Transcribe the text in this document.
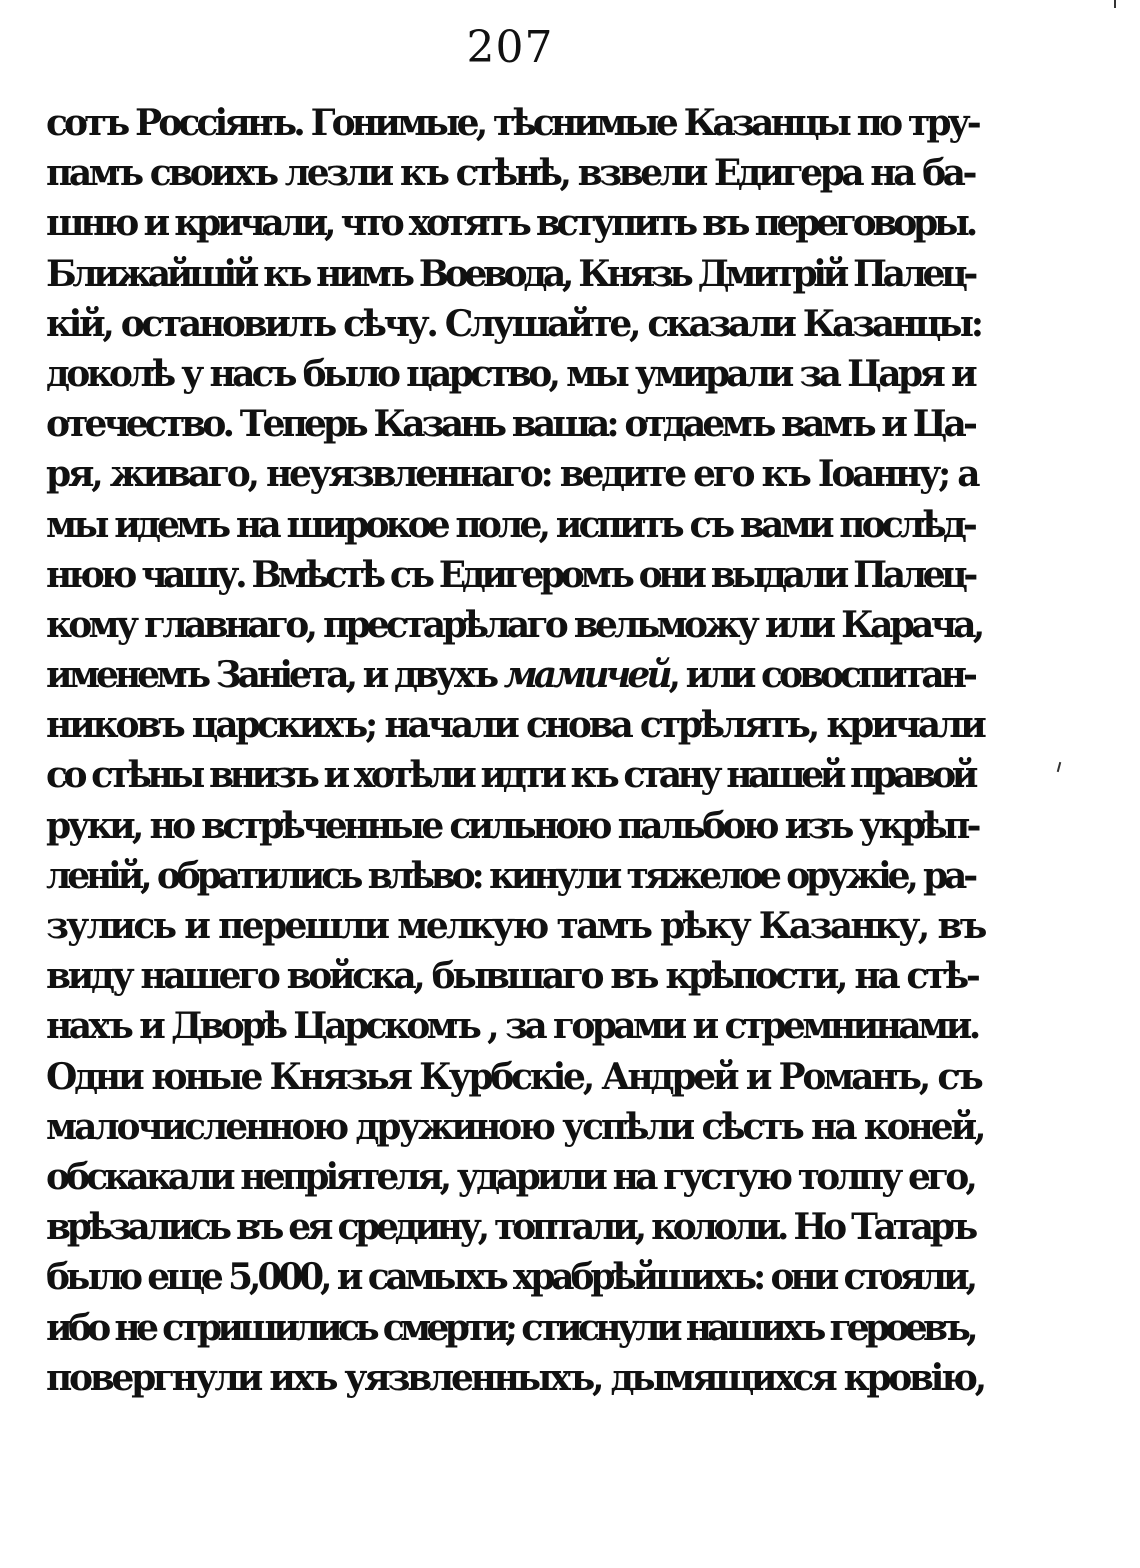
207
сотъ Россіянъ. Гонимые, тѣснимые Казанцы по тру-
памъ своихъ лезли къ стѣнѣ, взвели Едигера на ба-
шню и кричали, что хотятъ вступить въ переговоры.
Ближайшій къ нимъ Воевода, Князь Дмитрій Палец-
кій, остановилъ сѣчу. Слушайте, сказали Казанцы:
доколѣ у насъ было царство, мы умирали за Царя и
отечество. Теперь Казань ваша: отдаемъ вамъ и Ца-
ря, живаго, неуязвленнаго: ведите его къ Іоанну; а
мы идемъ на широкое поле, испить съ вами послѣд-
нюю чашу. Вмѣстѣ съ Едигеромъ они выдали Палец-
кому главнаго, престарѣлаго вельможу или Карача,
именемъ Заніета, и двухъ мамичей, или совоспитан-
никовъ царскихъ; начали снова стрѣлять, кричали
со стѣны внизъ и хотѣли идти къ стану нашей правой
руки, но встрѣченные сильною пальбою изъ укрѣп-
леній, обратились влѣво: кинули тяжелое оружіе, ра-
зулись и перешли мелкую тамъ рѣку Казанку, въ
виду нашего войска, бывшаго въ крѣпости, на стѣ-
нахъ и Дворѣ Царскомъ , за горами и стремнинами.
Одни юные Князья Курбскіе, Андрей и Романъ, съ
малочисленною дружиною успѣли сѣсть на коней,
обскакали непріятеля, ударили на густую толпу его,
врѣзались въ ея средину, топтали, кололи. Но Татаръ
было еще 5,000, и самыхъ храбрѣйшихъ: они стояли,
ибо не стришились смерти; стиснули нашихъ героевъ,
повергнули ихъ уязвленныхъ, дымящихся кровію,
